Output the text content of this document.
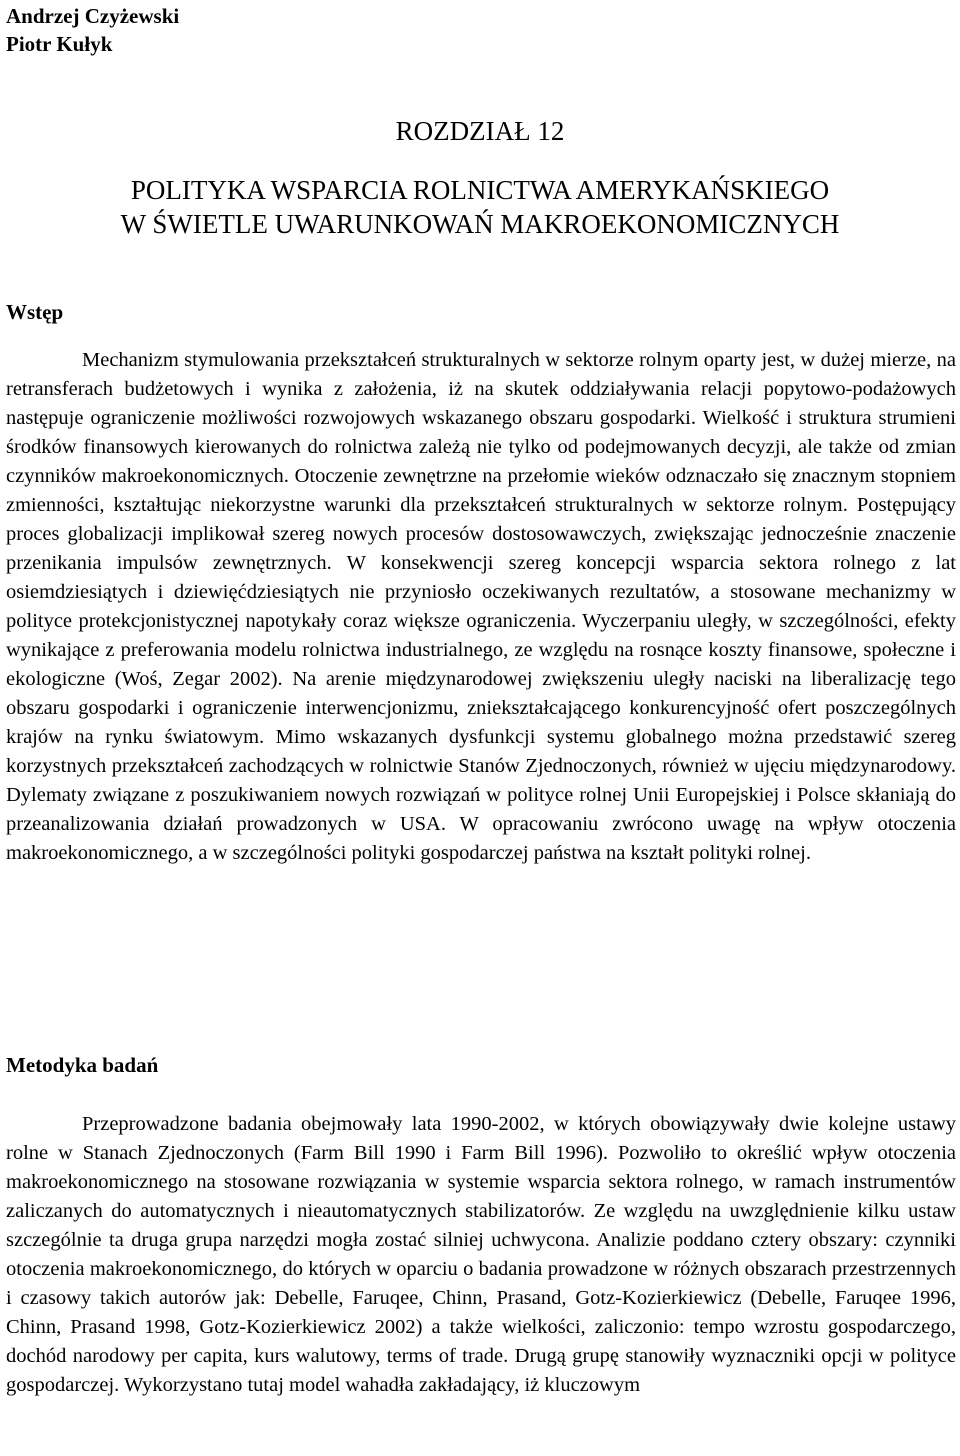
Andrzej Czyżewski
Piotr Kułyk
ROZDZIAŁ 12
POLITYKA WSPARCIA ROLNICTWA AMERYKAŃSKIEGO
W ŚWIETLE UWARUNKOWAŃ MAKROEKONOMICZNYCH
Wstęp
Mechanizm stymulowania przekształceń strukturalnych w sektorze rolnym oparty jest, w dużej mierze, na retransferach budżetowych i wynika z założenia, iż na skutek oddziaływania relacji popytowo-podażowych następuje ograniczenie możliwości rozwojowych wskazanego obszaru gospodarki. Wielkość i struktura strumieni środków finansowych kierowanych do rolnictwa zależą nie tylko od podejmowanych decyzji, ale także od zmian czynników makroekonomicznych. Otoczenie zewnętrzne na przełomie wieków odznaczało się znacznym stopniem zmienności, kształtując niekorzystne warunki dla przekształceń strukturalnych w sektorze rolnym. Postępujący proces globalizacji implikował szereg nowych procesów dostosowawczych, zwiększając jednocześnie znaczenie przenikania impulsów zewnętrznych. W konsekwencji szereg koncepcji wsparcia sektora rolnego z lat osiemdziesiątych i dziewięćdziesiątych nie przyniosło oczekiwanych rezultatów, a stosowane mechanizmy w polityce protekcjonistycznej napotykały coraz większe ograniczenia. Wyczerpaniu uległy, w szczególności, efekty wynikające z preferowania modelu rolnictwa industrialnego, ze względu na rosnące koszty finansowe, społeczne i ekologiczne (Woś, Zegar 2002). Na arenie międzynarodowej zwiększeniu uległy naciski na liberalizację tego obszaru gospodarki i ograniczenie interwencjonizmu, zniekształcającego konkurencyjność ofert poszczególnych krajów na rynku światowym. Mimo wskazanych dysfunkcji systemu globalnego można przedstawić szereg korzystnych przekształceń zachodzących w rolnictwie Stanów Zjednoczonych, również w ujęciu międzynarodowy. Dylematy związane z poszukiwaniem nowych rozwiązań w polityce rolnej Unii Europejskiej i Polsce skłaniają do przeanalizowania działań prowadzonych w USA. W opracowaniu zwrócono uwagę na wpływ otoczenia makroekonomicznego, a w szczególności polityki gospodarczej państwa na kształt polityki rolnej.
Metodyka badań
Przeprowadzone badania obejmowały lata 1990-2002, w których obowiązywały dwie kolejne ustawy rolne w Stanach Zjednoczonych (Farm Bill 1990 i Farm Bill 1996). Pozwoliło to określić wpływ otoczenia makroekonomicznego na stosowane rozwiązania w systemie wsparcia sektora rolnego, w ramach instrumentów zaliczanych do automatycznych i nieautomatycznych stabilizatorów. Ze względu na uwzględnienie kilku ustaw szczególnie ta druga grupa narzędzi mogła zostać silniej uchwycona. Analizie poddano cztery obszary: czynniki otoczenia makroekonomicznego, do których w oparciu o badania prowadzone w różnych obszarach przestrzennych i czasowy takich autorów jak: Debelle, Faruqee, Chinn, Prasand, Gotz-Kozierkiewicz (Debelle, Faruqee 1996, Chinn, Prasand 1998, Gotz-Kozierkiewicz 2002) a także wielkości, zaliczonio: tempo wzrostu gospodarczego, dochód narodowy per capita, kurs walutowy, terms of trade. Drugą grupę stanowiły wyznaczniki opcji w polityce gospodarczej. Wykorzystano tutaj model wahadła zakładający, iż kluczowym
